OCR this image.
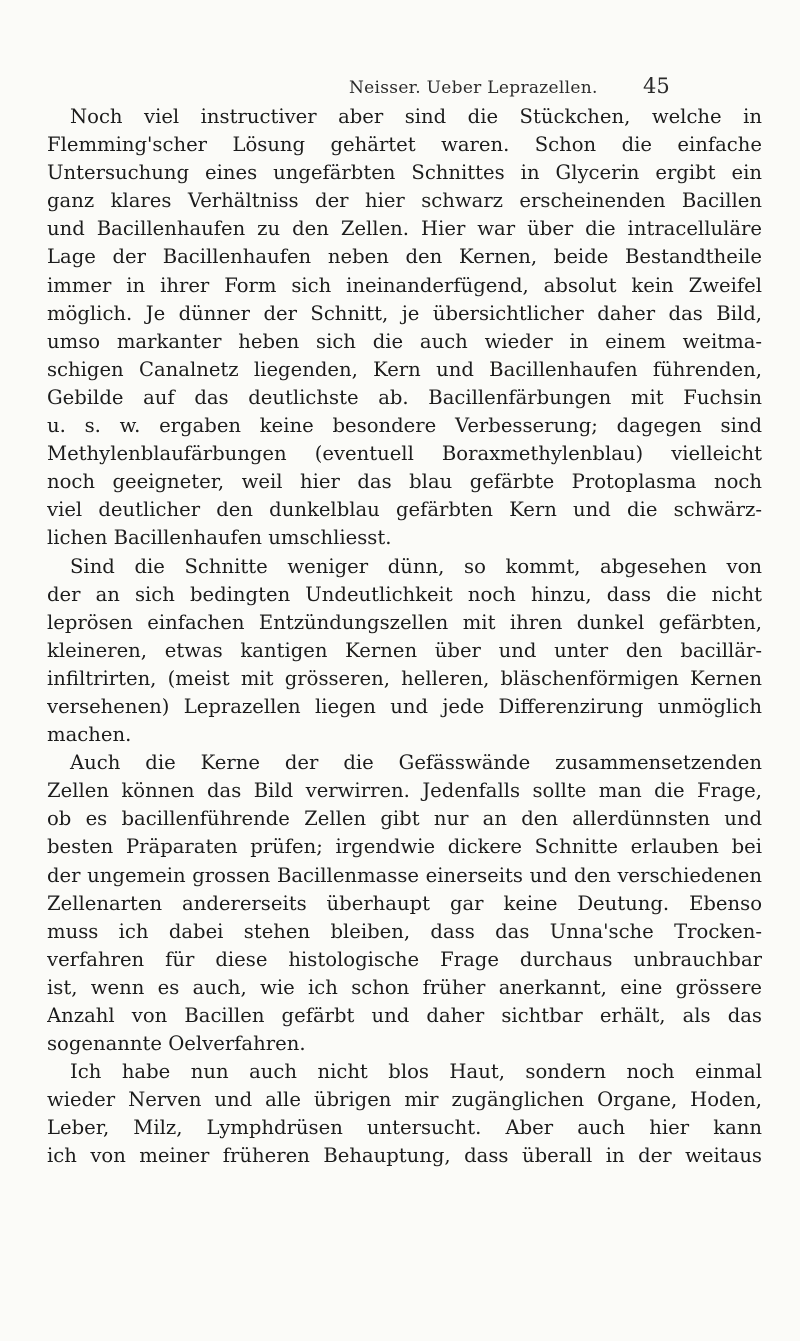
Neisser. Ueber Leprazellen. 45
Noch viel instructiver aber sind die Stückchen, welche in
Flemming'scher Lösung gehärtet waren. Schon die einfache
Untersuchung eines ungefärbten Schnittes in Glycerin ergibt ein
ganz klares Verhältniss der hier schwarz erscheinenden Bacillen
und Bacillenhaufen zu den Zellen. Hier war über die intracelluläre
Lage der Bacillenhaufen neben den Kernen, beide Bestandtheile
immer in ihrer Form sich ineinanderfügend, absolut kein Zweifel
möglich. Je dünner der Schnitt, je übersichtlicher daher das Bild,
umso markanter heben sich die auch wieder in einem weitma-
schigen Canalnetz liegenden, Kern und Bacillenhaufen führenden,
Gebilde auf das deutlichste ab. Bacillenfärbungen mit Fuchsin
u. s. w. ergaben keine besondere Verbesserung; dagegen sind
Methylenblaufärbungen (eventuell Boraxmethylenblau) vielleicht
noch geeigneter, weil hier das blau gefärbte Protoplasma noch
viel deutlicher den dunkelblau gefärbten Kern und die schwärz-
lichen Bacillenhaufen umschliesst.
Sind die Schnitte weniger dünn, so kommt, abgesehen von
der an sich bedingten Undeutlichkeit noch hinzu, dass die nicht
leprösen einfachen Entzündungszellen mit ihren dunkel gefärbten,
kleineren, etwas kantigen Kernen über und unter den bacillär-
infiltrirten, (meist mit grösseren, helleren, bläschenförmigen Kernen
versehenen) Leprazellen liegen und jede Differenzirung unmöglich
machen.
Auch die Kerne der die Gefässwände zusammensetzenden
Zellen können das Bild verwirren. Jedenfalls sollte man die Frage,
ob es bacillenführende Zellen gibt nur an den allerdünnsten und
besten Präparaten prüfen; irgendwie dickere Schnitte erlauben bei
der ungemein grossen Bacillenmasse einerseits und den verschiedenen
Zellenarten andererseits überhaupt gar keine Deutung. Ebenso
muss ich dabei stehen bleiben, dass das Unna'sche Trocken-
verfahren für diese histologische Frage durchaus unbrauchbar
ist, wenn es auch, wie ich schon früher anerkannt, eine grössere
Anzahl von Bacillen gefärbt und daher sichtbar erhält, als das
sogenannte Oelverfahren.
Ich habe nun auch nicht blos Haut, sondern noch einmal
wieder Nerven und alle übrigen mir zugänglichen Organe, Hoden,
Leber, Milz, Lymphdrüsen untersucht. Aber auch hier kann
ich von meiner früheren Behauptung, dass überall in der weitaus
